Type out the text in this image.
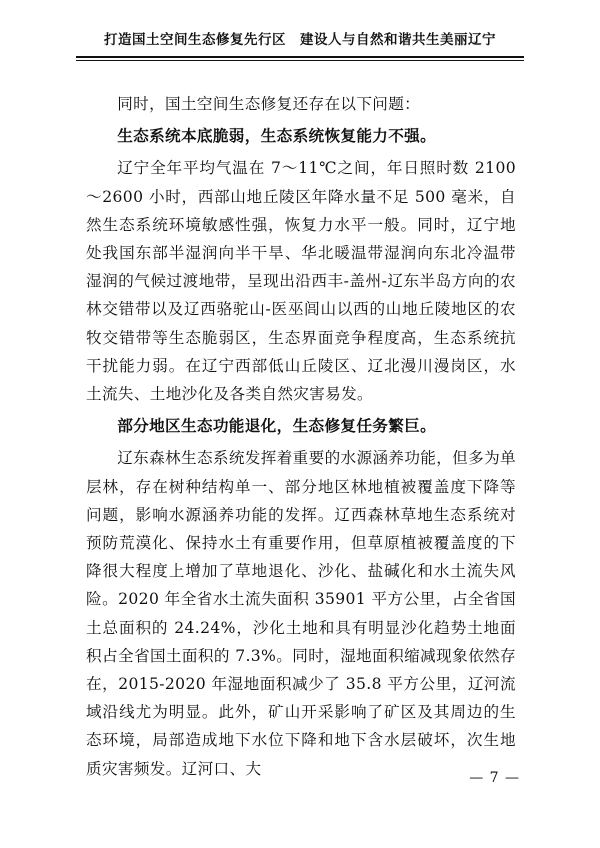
打造国土空间生态修复先行区　建设人与自然和谐共生美丽辽宁

同时，国土空间生态修复还存在以下问题：

生态系统本底脆弱，生态系统恢复能力不强。

辽宁全年平均气温在 7～11℃之间，年日照时数 2100～2600 小时，西部山地丘陵区年降水量不足 500 毫米，自然生态系统环境敏感性强，恢复力水平一般。同时，辽宁地处我国东部半湿润向半干旱、华北暖温带湿润向东北冷温带湿润的气候过渡地带，呈现出沿西丰-盖州-辽东半岛方向的农林交错带以及辽西骆驼山-医巫闾山以西的山地丘陵地区的农牧交错带等生态脆弱区，生态界面竞争程度高，生态系统抗干扰能力弱。在辽宁西部低山丘陵区、辽北漫川漫岗区，水土流失、土地沙化及各类自然灾害易发。

部分地区生态功能退化，生态修复任务繁巨。

辽东森林生态系统发挥着重要的水源涵养功能，但多为单层林，存在树种结构单一、部分地区林地植被覆盖度下降等问题，影响水源涵养功能的发挥。辽西森林草地生态系统对预防荒漠化、保持水土有重要作用，但草原植被覆盖度的下降很大程度上增加了草地退化、沙化、盐碱化和水土流失风险。2020 年全省水土流失面积 35901 平方公里，占全省国土总面积的 24.24%，沙化土地和具有明显沙化趋势土地面积占全省国土面积的 7.3%。同时，湿地面积缩减现象依然存在，2015-2020 年湿地面积减少了 35.8 平方公里，辽河流域沿线尤为明显。此外，矿山开采影响了矿区及其周边的生态环境，局部造成地下水位下降和地下含水层破坏，次生地质灾害频发。辽河口、大

— 7 —
